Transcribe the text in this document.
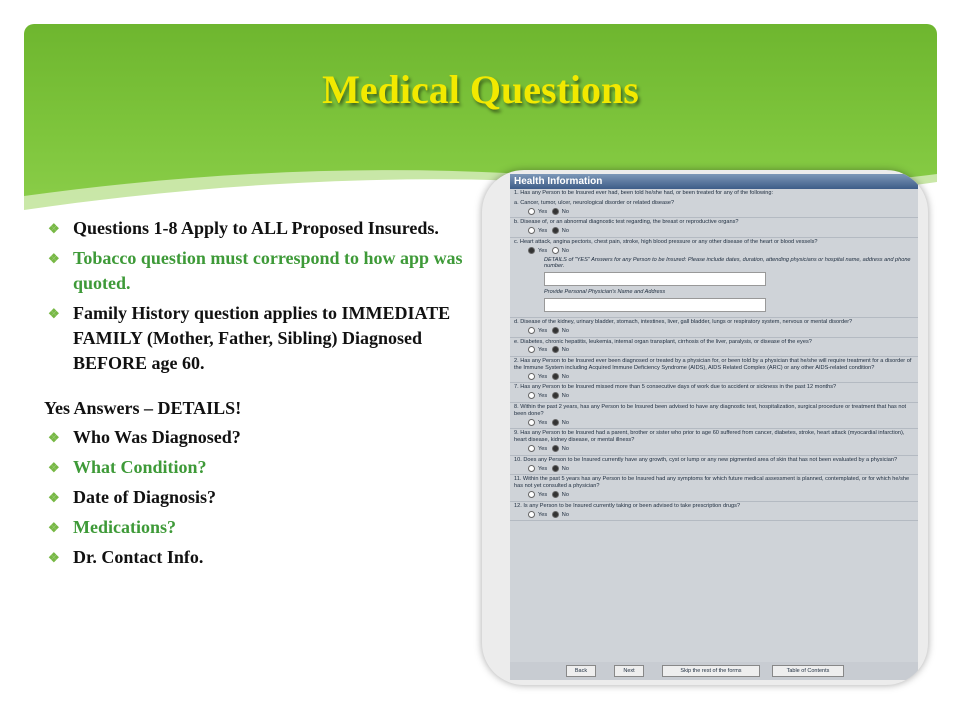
Medical Questions
❖ Questions 1-8 Apply to ALL Proposed Insureds.
❖ Tobacco question must correspond to how app was quoted.
❖ Family History question applies to IMMEDIATE FAMILY (Mother, Father, Sibling) Diagnosed BEFORE age 60.
Yes Answers – DETAILS!
❖ Who Was Diagnosed?
❖ What Condition?
❖ Date of Diagnosis?
❖ Medications?
❖ Dr. Contact Info.
Health Information
1. Has any Person to be Insured ever had, been told he/she had, or been treated for any of the following:
a. Cancer, tumor, ulcer, neurological disorder or related disease?
Yes	No
b. Disease of, or an abnormal diagnostic test regarding, the breast or reproductive organs?
Yes	No
c. Heart attack, angina pectoris, chest pain, stroke, high blood pressure or any other disease of the heart or blood vessels?
Yes	No
DETAILS of "YES" Answers for any Person to be Insured: Please include dates, duration, attending physicians or hospital name, address and phone number.
Provide Personal Physician's Name and Address
d. Disease of the kidney, urinary bladder, stomach, intestines, liver, gall bladder, lungs or respiratory system, nervous or mental disorder?
Yes	No
e. Diabetes, chronic hepatitis, leukemia, internal organ transplant, cirrhosis of the liver, paralysis, or disease of the eyes?
Yes	No
2. Has any Person to be Insured ever been diagnosed or treated by a physician for, or been told by a physician that he/she will require treatment for a disorder of the Immune System including Acquired Immune Deficiency Syndrome (AIDS), AIDS Related Complex (ARC) or any other AIDS-related condition?
Yes	No
7. Has any Person to be Insured missed more than 5 consecutive days of work due to accident or sickness in the past 12 months?
Yes	No
8. Within the past 2 years, has any Person to be Insured been advised to have any diagnostic test, hospitalization, surgical procedure or treatment that has not been done?
Yes	No
9. Has any Person to be Insured had a parent, brother or sister who prior to age 60 suffered from cancer, diabetes, stroke, heart attack (myocardial infarction), heart disease, kidney disease, or mental illness?
Yes	No
10. Does any Person to be Insured currently have any growth, cyst or lump or any new pigmented area of skin that has not been evaluated by a physician?
Yes	No
11. Within the past 5 years has any Person to be Insured had any symptoms for which future medical assessment is planned, contemplated, or for which he/she has not yet consulted a physician?
Yes	No
12. Is any Person to be Insured currently taking or been advised to take prescription drugs?
Yes	No
Back	Next	Skip the rest of the forms	Table of Contents
